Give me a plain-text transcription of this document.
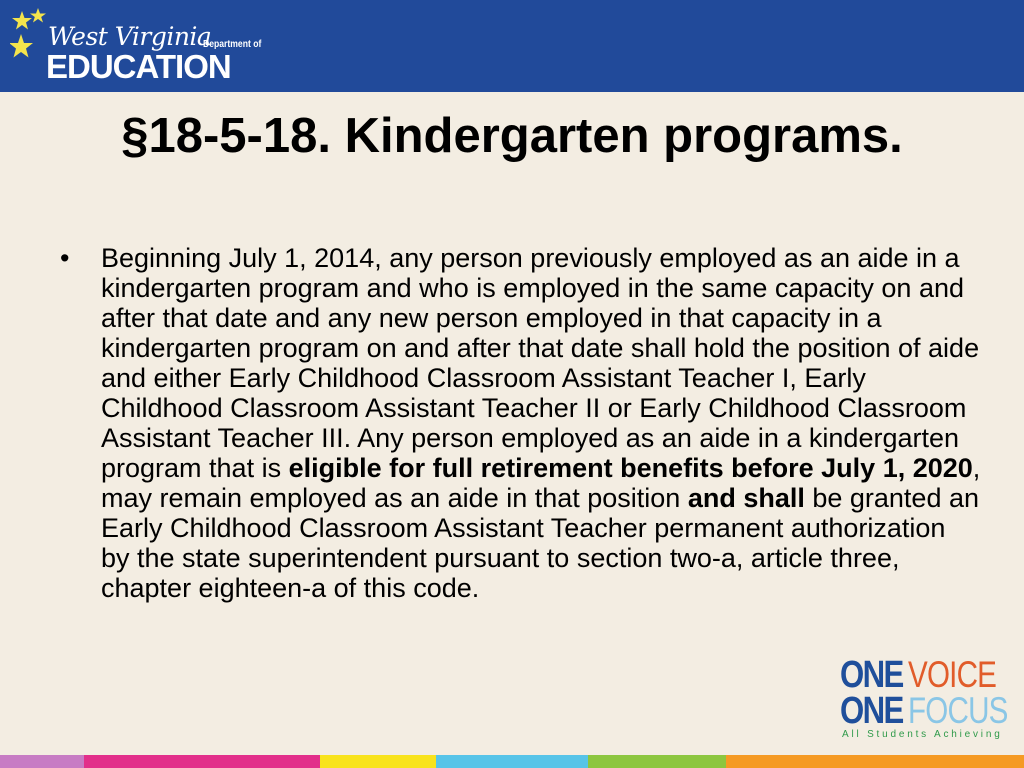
West Virginia
Department of
EDUCATION
§18-5-18. Kindergarten programs.
• Beginning July 1, 2014, any person previously employed as an aide in a kindergarten program and who is employed in the same capacity on and after that date and any new person employed in that capacity in a kindergarten program on and after that date shall hold the position of aide and either Early Childhood Classroom Assistant Teacher I, Early Childhood Classroom Assistant Teacher II or Early Childhood Classroom Assistant Teacher III. Any person employed as an aide in a kindergarten program that is eligible for full retirement benefits before July 1, 2020, may remain employed as an aide in that position and shall be granted an Early Childhood Classroom Assistant Teacher permanent authorization by the state superintendent pursuant to section two-a, article three, chapter eighteen-a of this code.

ONE VOICE
ONE FOCUS
All Students Achieving
